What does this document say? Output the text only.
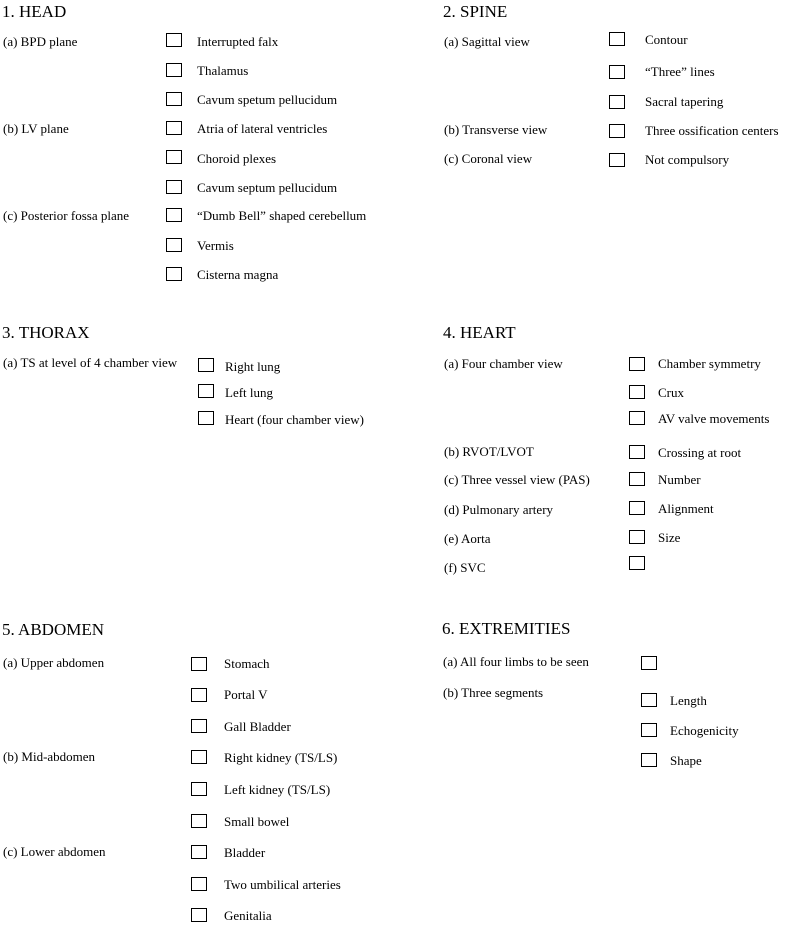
1. HEAD
(a) BPD plane
(b) LV plane
(c) Posterior fossa plane
Interrupted falx
Thalamus
Cavum spetum pellucidum
Atria of lateral ventricles
Choroid plexes
Cavum septum pellucidum
“Dumb Bell” shaped cerebellum
Vermis
Cisterna magna
2. SPINE
(a) Sagittal view
(b) Transverse view
(c) Coronal view
Contour
“Three” lines
Sacral tapering
Three ossification centers
Not compulsory
3. THORAX
(a) TS at level of 4 chamber view	Right lung
Left lung
Heart (four chamber view)
4. HEART
(a) Four chamber view
(b) RVOT/LVOT
(c) Three vessel view (PAS)
(d) Pulmonary artery
(e) Aorta
(f) SVC
Chamber symmetry
Crux
AV valve movements
Crossing at root
Number
Alignment
Size
5. ABDOMEN
(a) Upper abdomen
(b) Mid-abdomen
(c) Lower abdomen
Stomach
Portal V
Gall Bladder
Right kidney (TS/LS)
Left kidney (TS/LS)
Small bowel
Bladder
Two umbilical arteries
Genitalia
6. EXTREMITIES
(a) All four limbs to be seen
(b) Three segments
Length
Echogenicity
Shape
